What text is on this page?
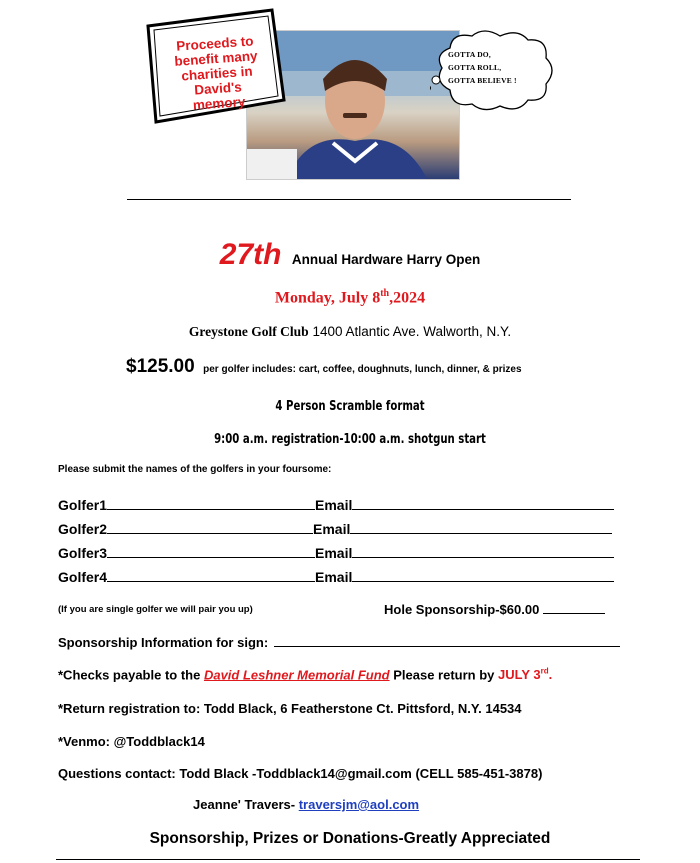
Proceeds to
benefit many
charities in
David's
memory
GOTTA DO,
GOTTA ROLL,
GOTTA BELIEVE !
27th Annual Hardware Harry Open
Monday, July 8th,2024
Greystone Golf Club 1400 Atlantic Ave. Walworth, N.Y.
$125.00 per golfer includes: cart, coffee, doughnuts, lunch, dinner, & prizes
4 Person Scramble format
9:00 a.m. registration-10:00 a.m. shotgun start
Please submit the names of the golfers in your foursome:
Golfer1	Email
Golfer2	Email
Golfer3	Email
Golfer4	Email
(If you are single golfer we will pair you up)	Hole Sponsorship-$60.00
Sponsorship Information for sign:
*Checks payable to the David Leshner Memorial Fund Please return by JULY 3rd.
*Return registration to: Todd Black, 6 Featherstone Ct. Pittsford, N.Y. 14534
*Venmo: @Toddblack14
Questions contact: Todd Black -Toddblack14@gmail.com (CELL 585-451-3878)
Jeanne' Travers- traversjm@aol.com
Sponsorship, Prizes or Donations-Greatly Appreciated
